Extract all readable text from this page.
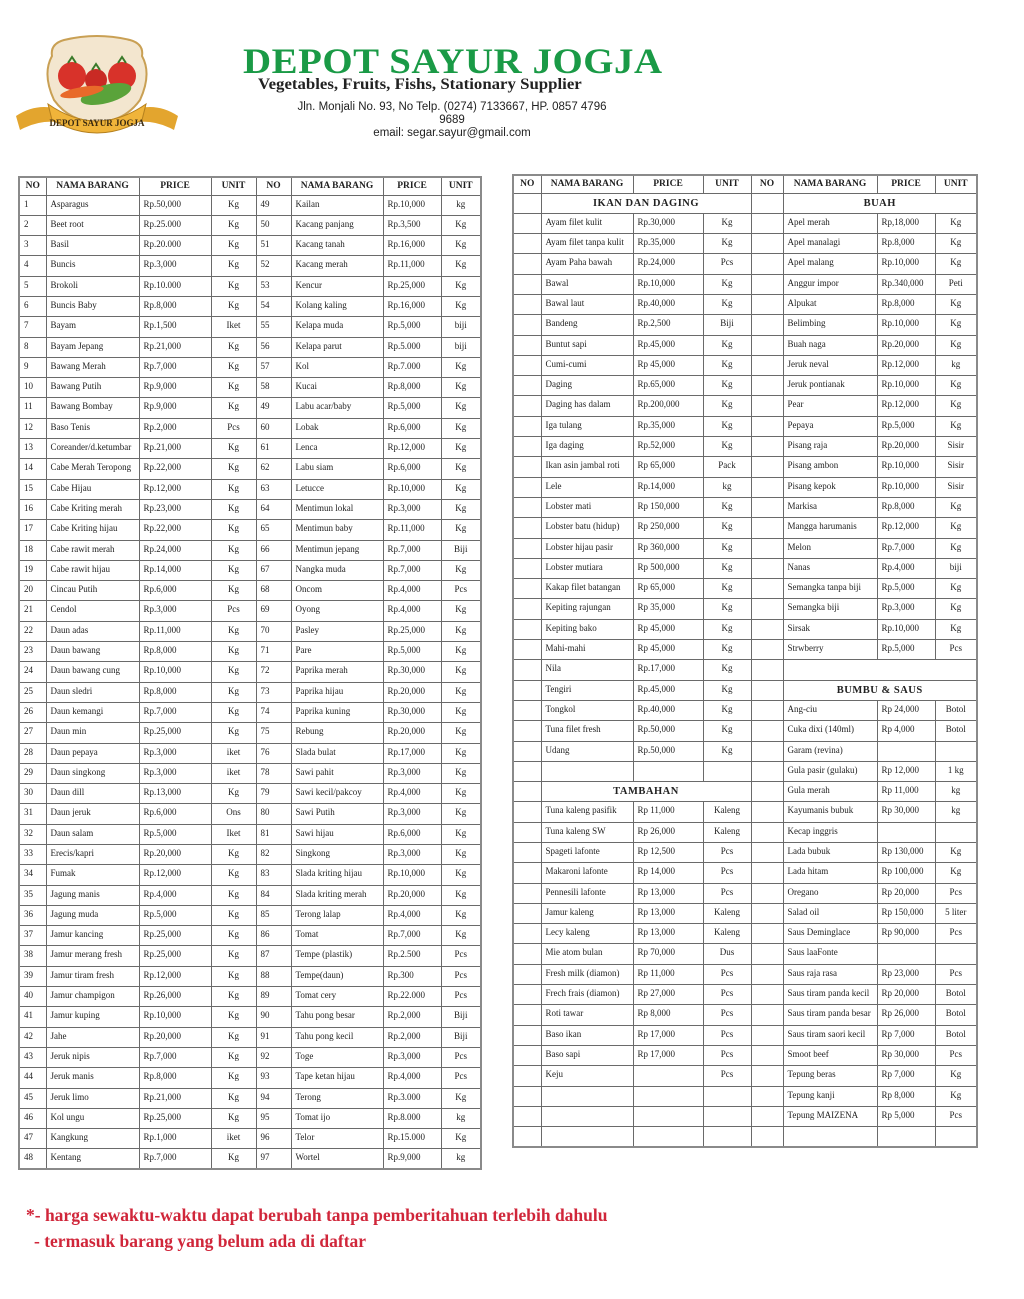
DEPOT SAYUR JOGJA
DEPOT SAYUR JOGJA
Vegetables, Fruits, Fishs, Stationary Supplier
Jln. Monjali No. 93, No Telp. (0274) 7133667, HP. 0857 4796 9689
email: segar.sayur@gmail.com
NO	NAMA BARANG	PRICE	UNIT	NO	NAMA BARANG	PRICE	UNIT
1	Asparagus	Rp.50,000	Kg	49	Kailan	Rp.10,000	kg
2	Beet root	Rp.25.000	Kg	50	Kacang panjang	Rp.3,500	Kg
3	Basil	Rp.20.000	Kg	51	Kacang tanah	Rp.16,000	Kg
4	Buncis	Rp.3,000	Kg	52	Kacang merah	Rp.11,000	Kg
5	Brokoli	Rp.10.000	Kg	53	Kencur	Rp.25,000	Kg
6	Buncis Baby	Rp.8,000	Kg	54	Kolang kaling	Rp.16,000	Kg
7	Bayam	Rp.1,500	Iket	55	Kelapa muda	Rp.5,000	biji
8	Bayam Jepang	Rp.21,000	Kg	56	Kelapa parut	Rp.5.000	biji
9	Bawang Merah	Rp.7,000	Kg	57	Kol	Rp.7.000	Kg
10	Bawang Putih	Rp.9,000	Kg	58	Kucai	Rp.8,000	Kg
11	Bawang Bombay	Rp.9,000	Kg	49	Labu acar/baby	Rp.5,000	Kg
12	Baso Tenis	Rp.2,000	Pcs	60	Lobak	Rp.6,000	Kg
13	Coreander/d.ketumbar	Rp.21,000	Kg	61	Lenca	Rp.12,000	Kg
14	Cabe Merah Teropong	Rp.22,000	Kg	62	Labu siam	Rp.6,000	Kg
15	Cabe Hijau	Rp.12,000	Kg	63	Letucce	Rp.10,000	Kg
16	Cabe Kriting merah	Rp.23,000	Kg	64	Mentimun lokal	Rp.3,000	Kg
17	Cabe Kriting hijau	Rp.22,000	Kg	65	Mentimun baby	Rp.11,000	Kg
18	Cabe rawit merah	Rp.24,000	Kg	66	Mentimun jepang	Rp.7,000	Biji
19	Cabe rawit hijau	Rp.14,000	Kg	67	Nangka muda	Rp.7,000	Kg
20	Cincau Putih	Rp.6,000	Kg	68	Oncom	Rp.4,000	Pcs
21	Cendol	Rp.3,000	Pcs	69	Oyong	Rp.4,000	Kg
22	Daun adas	Rp.11,000	Kg	70	Pasley	Rp.25,000	Kg
23	Daun bawang	Rp.8,000	Kg	71	Pare	Rp.5,000	Kg
24	Daun bawang cung	Rp.10,000	Kg	72	Paprika merah	Rp.30,000	Kg
25	Daun sledri	Rp.8,000	Kg	73	Paprika hijau	Rp.20,000	Kg
26	Daun kemangi	Rp.7,000	Kg	74	Paprika kuning	Rp.30,000	Kg
27	Daun min	Rp.25,000	Kg	75	Rebung	Rp.20,000	Kg
28	Daun pepaya	Rp.3,000	iket	76	Slada bulat	Rp.17,000	Kg
29	Daun singkong	Rp.3,000	iket	78	Sawi pahit	Rp.3,000	Kg
30	Daun dill	Rp.13,000	Kg	79	Sawi kecil/pakcoy	Rp.4,000	Kg
31	Daun jeruk	Rp.6,000	Ons	80	Sawi Putih	Rp.3,000	Kg
32	Daun salam	Rp.5,000	Iket	81	Sawi hijau	Rp.6,000	Kg
33	Erecis/kapri	Rp.20,000	Kg	82	Singkong	Rp.3,000	Kg
34	Fumak	Rp.12,000	Kg	83	Slada kriting hijau	Rp.10,000	Kg
35	Jagung manis	Rp.4,000	Kg	84	Slada kriting merah	Rp.20,000	Kg
36	Jagung muda	Rp.5,000	Kg	85	Terong lalap	Rp.4,000	Kg
37	Jamur kancing	Rp.25,000	Kg	86	Tomat	Rp.7,000	Kg
38	Jamur merang fresh	Rp.25,000	Kg	87	Tempe (plastik)	Rp.2.500	Pcs
39	Jamur tiram fresh	Rp.12,000	Kg	88	Tempe(daun)	Rp.300	Pcs
40	Jamur champigon	Rp.26,000	Kg	89	Tomat cery	Rp.22.000	Pcs
41	Jamur kuping	Rp.10,000	Kg	90	Tahu pong besar	Rp.2,000	Biji
42	Jahe	Rp.20,000	Kg	91	Tahu pong kecil	Rp.2,000	Biji
43	Jeruk nipis	Rp.7,000	Kg	92	Toge	Rp.3,000	Pcs
44	Jeruk manis	Rp.8,000	Kg	93	Tape ketan hijau	Rp.4,000	Pcs
45	Jeruk limo	Rp.21,000	Kg	94	Terong	Rp.3.000	Kg
46	Kol ungu	Rp.25,000	Kg	95	Tomat ijo	Rp.8.000	kg
47	Kangkung	Rp.1,000	iket	96	Telor	Rp.15.000	Kg
48	Kentang	Rp.7,000	Kg	97	Wortel	Rp.9,000	kg
NO	NAMA BARANG	PRICE	UNIT	NO	NAMA BARANG	PRICE	UNIT
	IKAN DAN DAGING				BUAH		
	Ayam filet kulit	Rp.30,000	Kg		Apel merah	Rp,18,000	Kg
	Ayam filet tanpa kulit	Rp.35,000	Kg		Apel manalagi	Rp.8,000	Kg
	Ayam Paha bawah	Rp.24,000	Pcs		Apel malang	Rp.10,000	Kg
	Bawal	Rp.10,000	Kg		Anggur impor	Rp.340,000	Peti
	Bawal laut	Rp.40,000	Kg		Alpukat	Rp.8,000	Kg
	Bandeng	Rp.2,500	Biji		Belimbing	Rp.10,000	Kg
	Buntut sapi	Rp.45,000	Kg		Buah naga	Rp.20,000	Kg
	Cumi-cumi	Rp 45,000	Kg		Jeruk neval	Rp.12,000	kg
	Daging	Rp.65,000	Kg		Jeruk pontianak	Rp.10,000	Kg
	Daging has dalam	Rp.200,000	Kg		Pear	Rp.12,000	Kg
	Iga tulang	Rp.35,000	Kg		Pepaya	Rp.5,000	Kg
	Iga daging	Rp.52,000	Kg		Pisang raja	Rp.20,000	Sisir
	Ikan asin jambal roti	Rp 65,000	Pack		Pisang ambon	Rp.10,000	Sisir
	Lele	Rp.14,000	kg		Pisang kepok	Rp.10,000	Sisir
	Lobster mati	Rp 150,000	Kg		Markisa	Rp.8,000	Kg
	Lobster batu (hidup)	Rp 250,000	Kg		Mangga harumanis	Rp.12,000	Kg
	Lobster hijau pasir	Rp 360,000	Kg		Melon	Rp.7,000	Kg
	Lobster mutiara	Rp 500,000	Kg		Nanas	Rp.4,000	biji
	Kakap filet batangan	Rp 65,000	Kg		Semangka tanpa biji	Rp.5,000	Kg
	Kepiting rajungan	Rp 35,000	Kg		Semangka biji	Rp.3,000	Kg
	Kepiting bako	Rp 45,000	Kg		Sirsak	Rp.10,000	Kg
	Mahi-mahi	Rp 45,000	Kg		Strwberry	Rp.5,000	Pcs
	Nila	Rp.17,000	Kg				
	Tengiri	Rp.45,000	Kg		BUMBU & SAUS		
	Tongkol	Rp.40,000	Kg		Ang-ciu	Rp 24,000	Botol
	Tuna filet fresh	Rp.50,000	Kg		Cuka dixi (140ml)	Rp 4,000	Botol
	Udang	Rp.50,000	Kg		Garam (revina)		
					Gula pasir (gulaku)	Rp 12,000	1 kg
	TAMBAHAN				Gula merah	Rp 11,000	kg
	Tuna kaleng pasifik	Rp 11,000	Kaleng		Kayumanis bubuk	Rp 30,000	kg
	Tuna kaleng SW	Rp 26,000	Kaleng		Kecap inggris		
	Spageti lafonte	Rp 12,500	Pcs		Lada bubuk	Rp 130,000	Kg
	Makaroni lafonte	Rp 14,000	Pcs		Lada hitam	Rp 100,000	Kg
	Pennesili lafonte	Rp 13,000	Pcs		Oregano	Rp 20,000	Pcs
	Jamur kaleng	Rp 13,000	Kaleng		Salad oil	Rp 150,000	5 liter
	Lecy kaleng	Rp 13,000	Kaleng		Saus Deminglace	Rp 90,000	Pcs
	Mie atom bulan	Rp 70,000	Dus		Saus laaFonte		
	Fresh milk (diamon)	Rp 11,000	Pcs		Saus raja rasa	Rp 23,000	Pcs
	Frech frais (diamon)	Rp 27,000	Pcs		Saus tiram panda kecil	Rp 20,000	Botol
	Roti tawar	Rp 8,000	Pcs		Saus tiram panda besar	Rp 26,000	Botol
	Baso ikan	Rp 17,000	Pcs		Saus tiram saori kecil	Rp 7,000	Botol
	Baso sapi	Rp 17,000	Pcs		Smoot beef	Rp 30,000	Pcs
	Keju		Pcs		Tepung beras	Rp 7,000	Kg
					Tepung kanji	Rp 8,000	Kg
					Tepung MAIZENA	Rp 5,000	Pcs

*- harga sewaktu-waktu dapat berubah tanpa pemberitahuan terlebih dahulu
- termasuk barang yang belum ada di daftar
